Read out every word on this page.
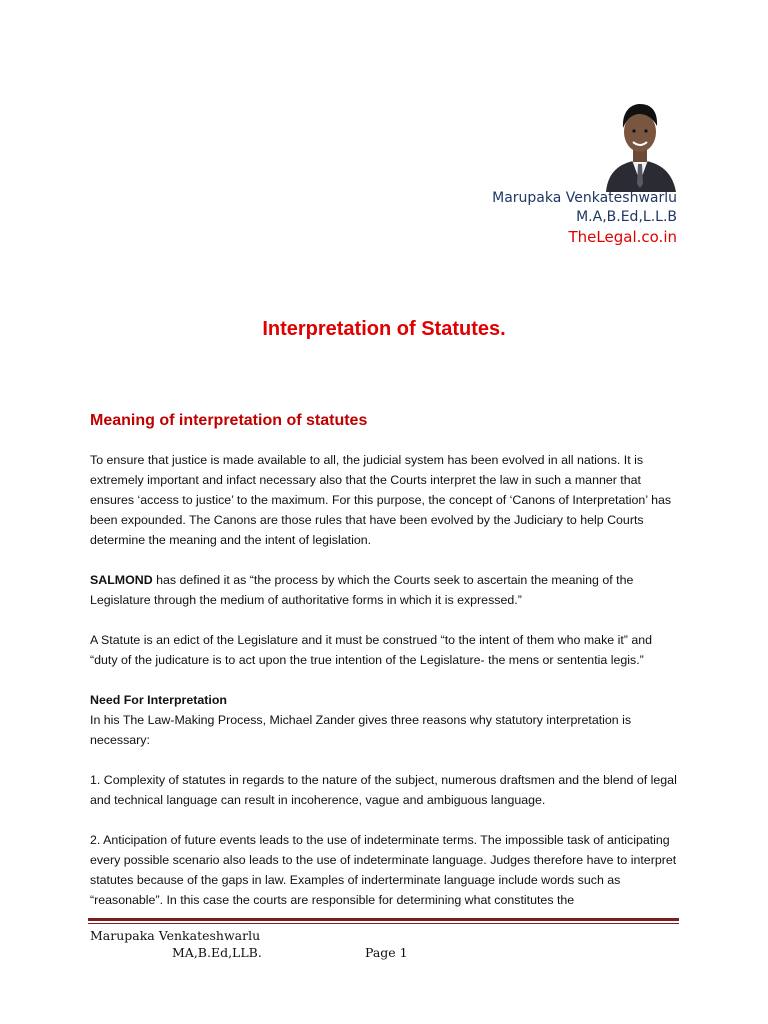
Marupaka Venkateshwarlu
M.A,B.Ed,L.L.B
TheLegal.co.in
Interpretation of Statutes.
Meaning of interpretation of statutes
To ensure that justice is made available to all, the judicial system has been evolved in all nations. It is extremely important and infact necessary also that the Courts interpret the law in such a manner that ensures ‘access to justice’ to the maximum. For this purpose, the concept of ‘Canons of Interpretation’ has been expounded. The Canons are those rules that have been evolved by the Judiciary to help Courts determine the meaning and the intent of legislation.
SALMOND has defined it as “the process by which the Courts seek to ascertain the meaning of the Legislature through the medium of authoritative forms in which it is expressed.”
A Statute is an edict of the Legislature and it must be construed “to the intent of them who make it” and “duty of the judicature is to act upon the true intention of the Legislature- the mens or sententia legis.”
Need For Interpretation
In his The Law-Making Process, Michael Zander gives three reasons why statutory interpretation is necessary:
1. Complexity of statutes in regards to the nature of the subject, numerous draftsmen and the blend of legal and technical language can result in incoherence, vague and ambiguous language.
2. Anticipation of future events leads to the use of indeterminate terms. The impossible task of anticipating every possible scenario also leads to the use of indeterminate language. Judges therefore have to interpret statutes because of the gaps in law. Examples of inderterminate language include words such as “reasonable”. In this case the courts are responsible for determining what constitutes the
Marupaka Venkateshwarlu
MA,B.Ed,LLB.	Page 1
